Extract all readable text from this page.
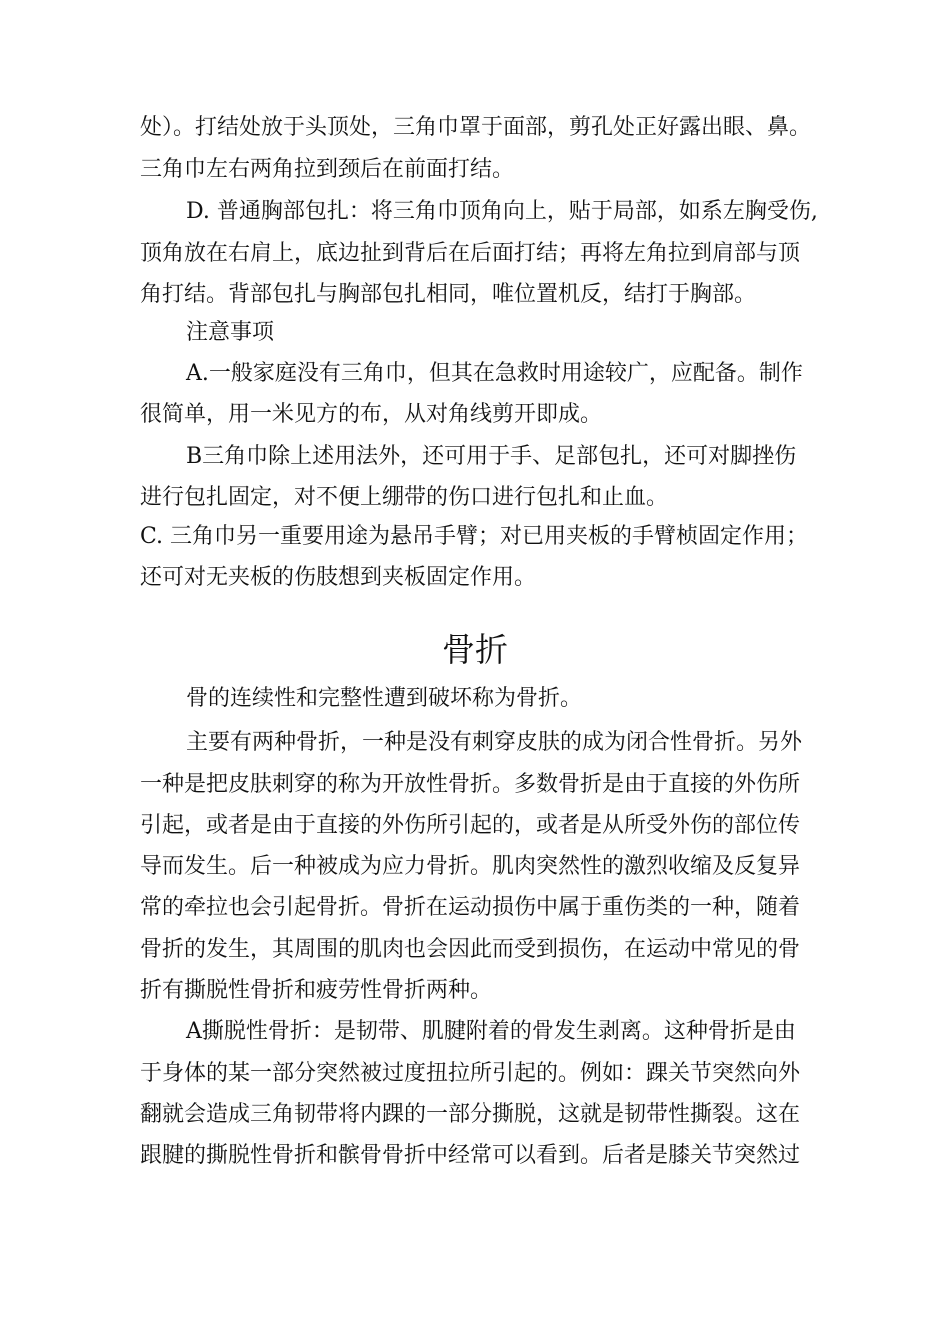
处）。打结处放于头顶处，三角巾罩于面部，剪孔处正好露出眼、鼻。
三角巾左右两角拉到颈后在前面打结。
D. 普通胸部包扎：将三角巾顶角向上，贴于局部，如系左胸受伤,
顶角放在右肩上，底边扯到背后在后面打结；再将左角拉到肩部与顶
角打结。背部包扎与胸部包扎相同，唯位置机反，结打于胸部。
注意事项
A.一般家庭没有三角巾，但其在急救时用途较广，应配备。制作
很简单，用一米见方的布，从对角线剪开即成。
B三角巾除上述用法外，还可用于手、足部包扎，还可对脚挫伤
进行包扎固定，对不便上绷带的伤口进行包扎和止血。
C. 三角巾另一重要用途为悬吊手臂；对已用夹板的手臂桢固定作用；
还可对无夹板的伤肢想到夹板固定作用。
骨折
骨的连续性和完整性遭到破坏称为骨折。
主要有两种骨折，一种是没有刺穿皮肤的成为闭合性骨折。另外
一种是把皮肤刺穿的称为开放性骨折。多数骨折是由于直接的外伤所
引起，或者是由于直接的外伤所引起的，或者是从所受外伤的部位传
导而发生。后一种被成为应力骨折。肌肉突然性的激烈收缩及反复异
常的牵拉也会引起骨折。骨折在运动损伤中属于重伤类的一种，随着
骨折的发生，其周围的肌肉也会因此而受到损伤，在运动中常见的骨
折有撕脱性骨折和疲劳性骨折两种。
A撕脱性骨折：是韧带、肌腱附着的骨发生剥离。这种骨折是由
于身体的某一部分突然被过度扭拉所引起的。例如：踝关节突然向外
翻就会造成三角韧带将内踝的一部分撕脱，这就是韧带性撕裂。这在
跟腱的撕脱性骨折和髌骨骨折中经常可以看到。后者是膝关节突然过
